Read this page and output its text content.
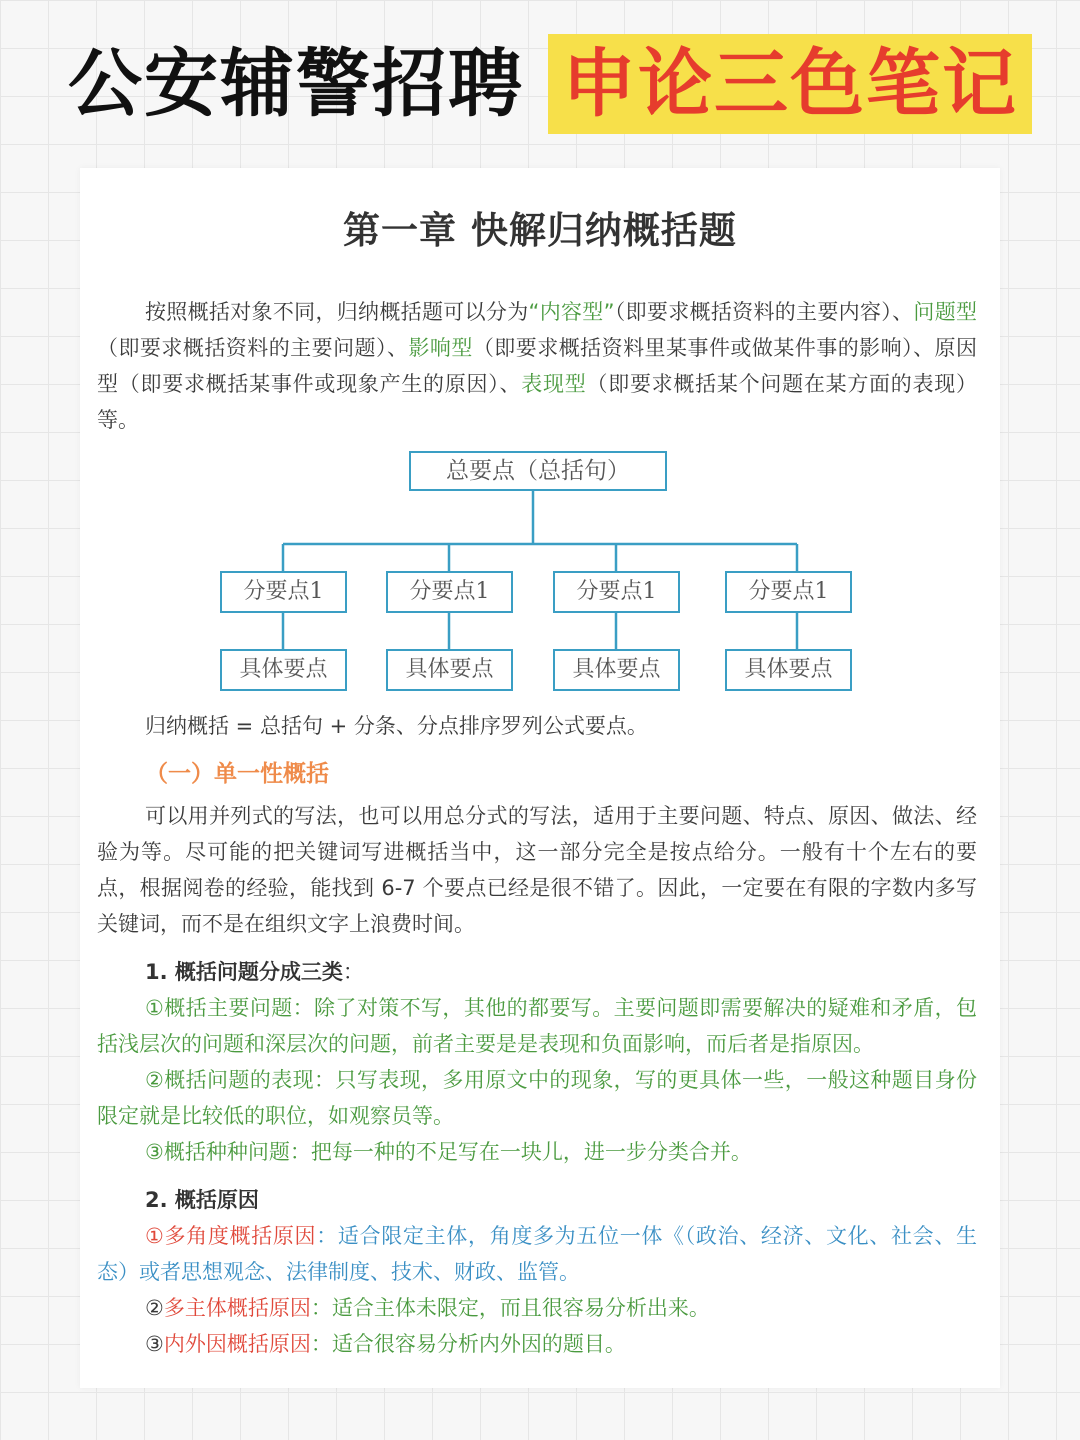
公安辅警招聘 申论三色笔记
第一章 快解归纳概括题
按照概括对象不同，归纳概括题可以分为“内容型”（即要求概括资料的主要内容）、问题型（即要求概括资料的主要问题）、影响型（即要求概括资料里某事件或做某件事的影响）、原因型（即要求概括某事件或现象产生的原因）、表现型（即要求概括某个问题在某方面的表现）等。
总要点（总括句）
分要点1	分要点1	分要点1	分要点1
具体要点	具体要点	具体要点	具体要点
归纳概括 = 总括句 + 分条、分点排序罗列公式要点。
（一）单一性概括
可以用并列式的写法，也可以用总分式的写法，适用于主要问题、特点、原因、做法、经验为等。尽可能的把关键词写进概括当中，这一部分完全是按点给分。一般有十个左右的要点，根据阅卷的经验，能找到 6-7 个要点已经是很不错了。因此，一定要在有限的字数内多写关键词，而不是在组织文字上浪费时间。
1. 概括问题分成三类：
①概括主要问题：除了对策不写，其他的都要写。主要问题即需要解决的疑难和矛盾，包括浅层次的问题和深层次的问题，前者主要是是表现和负面影响，而后者是指原因。
②概括问题的表现：只写表现，多用原文中的现象，写的更具体一些，一般这种题目身份限定就是比较低的职位，如观察员等。
③概括种种问题：把每一种的不足写在一块儿，进一步分类合并。
2. 概括原因
①多角度概括原因：适合限定主体，角度多为五位一体《（政治、经济、文化、社会、生态）或者思想观念、法律制度、技术、财政、监管。
②多主体概括原因：适合主体未限定，而且很容易分析出来。
③内外因概括原因：适合很容易分析内外因的题目。
